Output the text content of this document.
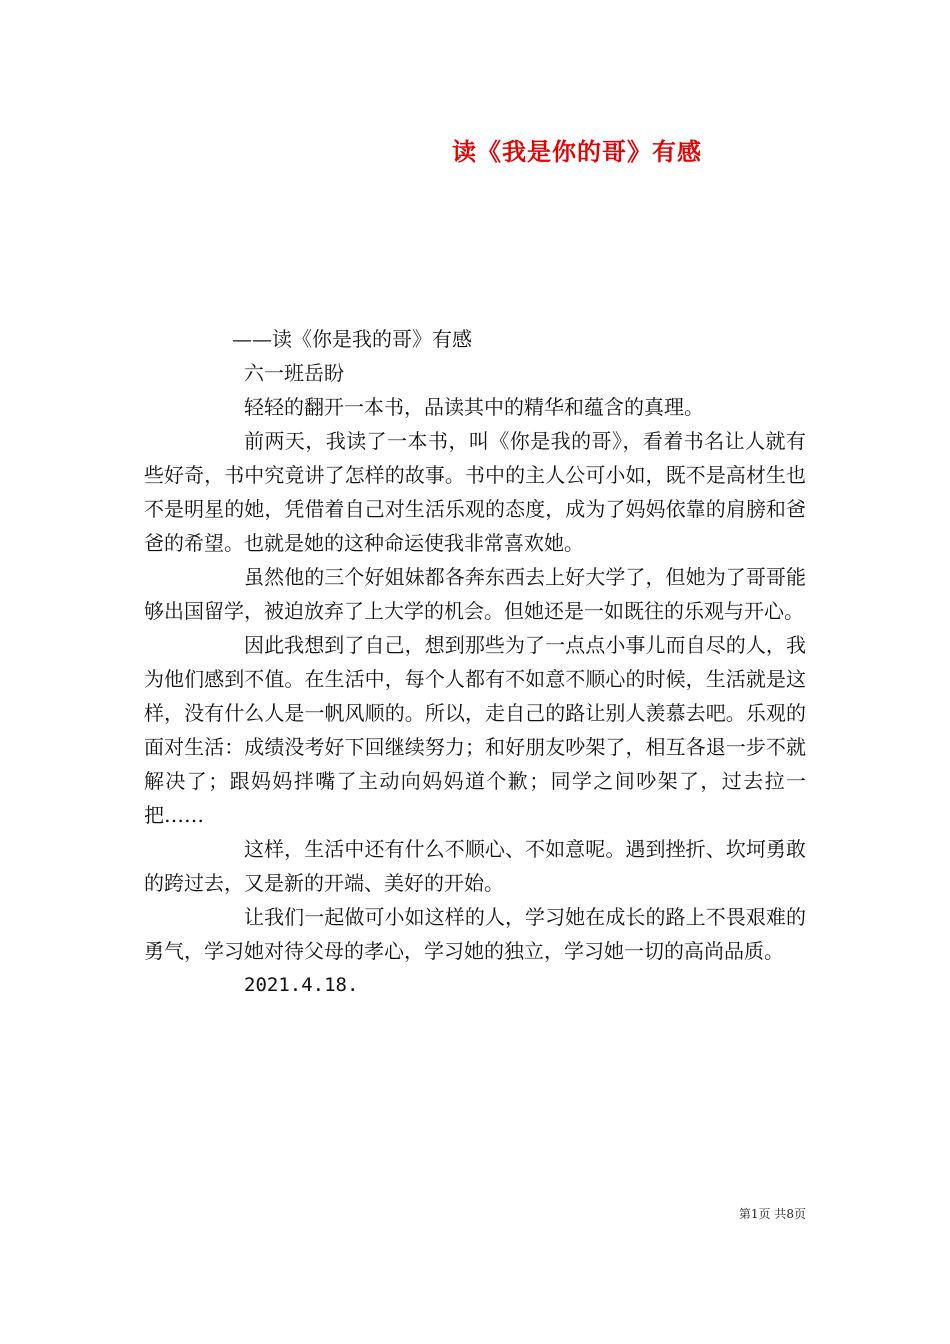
读《我是你的哥》有感
——读《你是我的哥》有感
六一班岳盼
轻轻的翻开一本书，品读其中的精华和蕴含的真理。

前两天，我读了一本书，叫《你是我的哥》，看着书名让人就有些好奇，书中究竟讲了怎样的故事。书中的主人公可小如，既不是高材生也不是明星的她，凭借着自己对生活乐观的态度，成为了妈妈依靠的肩膀和爸爸的希望。也就是她的这种命运使我非常喜欢她。

虽然他的三个好姐妹都各奔东西去上好大学了，但她为了哥哥能够出国留学，被迫放弃了上大学的机会。但她还是一如既往的乐观与开心。

因此我想到了自己，想到那些为了一点点小事儿而自尽的人，我为他们感到不值。在生活中，每个人都有不如意不顺心的时候，生活就是这样，没有什么人是一帆风顺的。所以，走自己的路让别人羡慕去吧。乐观的面对生活：成绩没考好下回继续努力；和好朋友吵架了，相互各退一步不就解决了；跟妈妈拌嘴了主动向妈妈道个歉；同学之间吵架了，过去拉一把……

这样，生活中还有什么不顺心、不如意呢。遇到挫折、坎坷勇敢的跨过去，又是新的开端、美好的开始。

让我们一起做可小如这样的人，学习她在成长的路上不畏艰难的勇气，学习她对待父母的孝心，学习她的独立，学习她一切的高尚品质。

2021.4.18.
第1页 共8页
